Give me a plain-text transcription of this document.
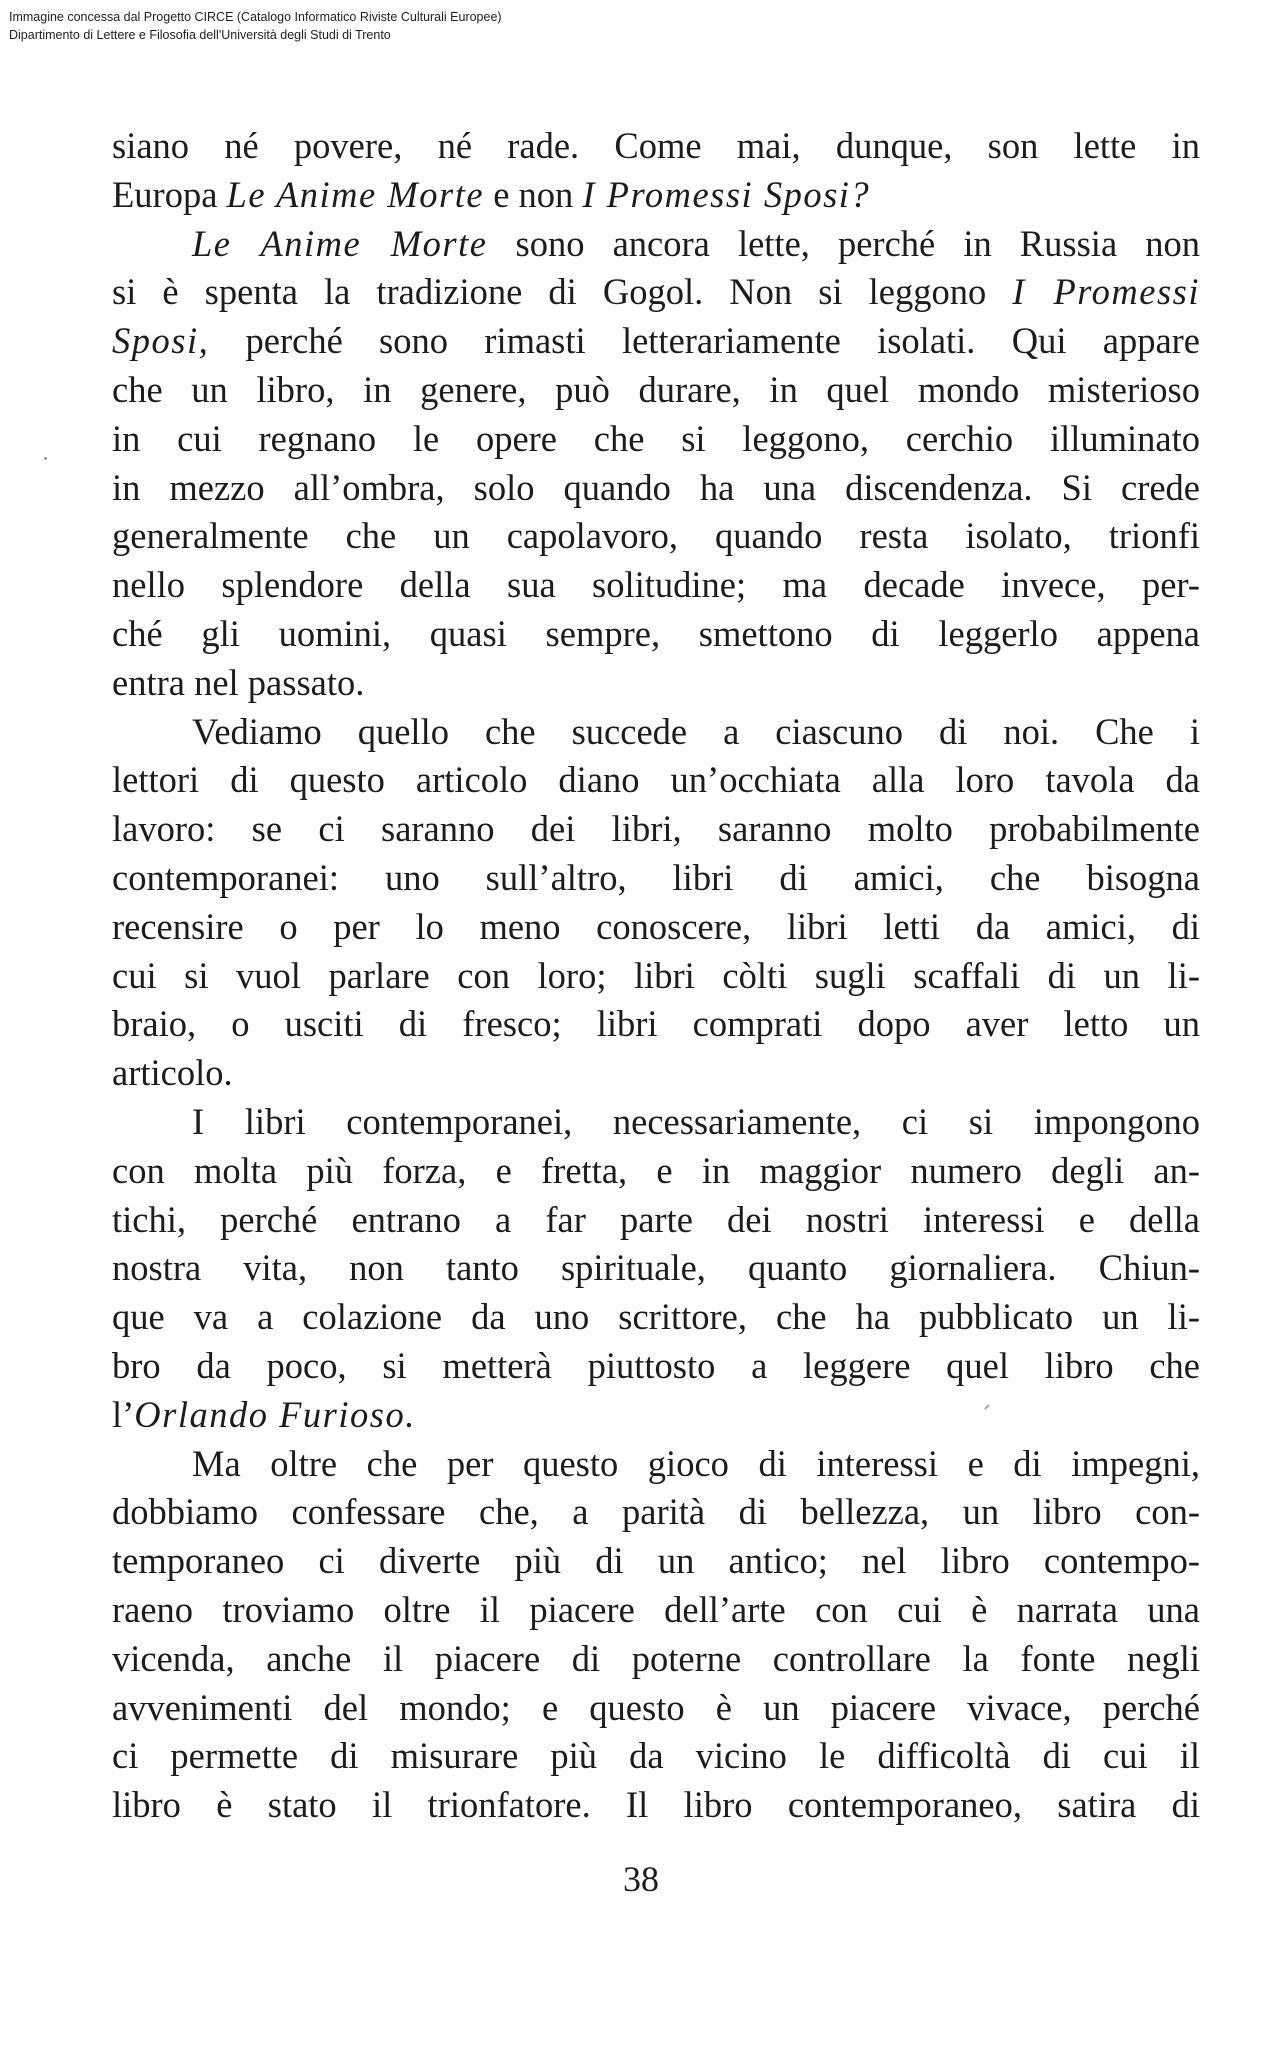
Immagine concessa dal Progetto CIRCE (Catalogo Informatico Riviste Culturali Europee)
Dipartimento di Lettere e Filosofia dell'Università degli Studi di Trento
siano né povere, né rade. Come mai, dunque, son lette in
Europa Le Anime Morte e non I Promessi Sposi?
Le Anime Morte sono ancora lette, perché in Russia non
si è spenta la tradizione di Gogol. Non si leggono I Promessi
Sposi, perché sono rimasti letterariamente isolati. Qui appare
che un libro, in genere, può durare, in quel mondo misterioso
in cui regnano le opere che si leggono, cerchio illuminato
in mezzo all’ombra, solo quando ha una discendenza. Si crede
generalmente che un capolavoro, quando resta isolato, trionfi
nello splendore della sua solitudine; ma decade invece, per-
ché gli uomini, quasi sempre, smettono di leggerlo appena
entra nel passato.
Vediamo quello che succede a ciascuno di noi. Che i
lettori di questo articolo diano un’occhiata alla loro tavola da
lavoro: se ci saranno dei libri, saranno molto probabilmente
contemporanei: uno sull’altro, libri di amici, che bisogna
recensire o per lo meno conoscere, libri letti da amici, di
cui si vuol parlare con loro; libri còlti sugli scaffali di un li-
braio, o usciti di fresco; libri comprati dopo aver letto un
articolo.
I libri contemporanei, necessariamente, ci si impongono
con molta più forza, e fretta, e in maggior numero degli an-
tichi, perché entrano a far parte dei nostri interessi e della
nostra vita, non tanto spirituale, quanto giornaliera. Chiun-
que va a colazione da uno scrittore, che ha pubblicato un li-
bro da poco, si metterà piuttosto a leggere quel libro che
l’Orlando Furioso.
Ma oltre che per questo gioco di interessi e di impegni,
dobbiamo confessare che, a parità di bellezza, un libro con-
temporaneo ci diverte più di un antico; nel libro contempo-
raeno troviamo oltre il piacere dell’arte con cui è narrata una
vicenda, anche il piacere di poterne controllare la fonte negli
avvenimenti del mondo; e questo è un piacere vivace, perché
ci permette di misurare più da vicino le difficoltà di cui il
libro è stato il trionfatore. Il libro contemporaneo, satira di
38
